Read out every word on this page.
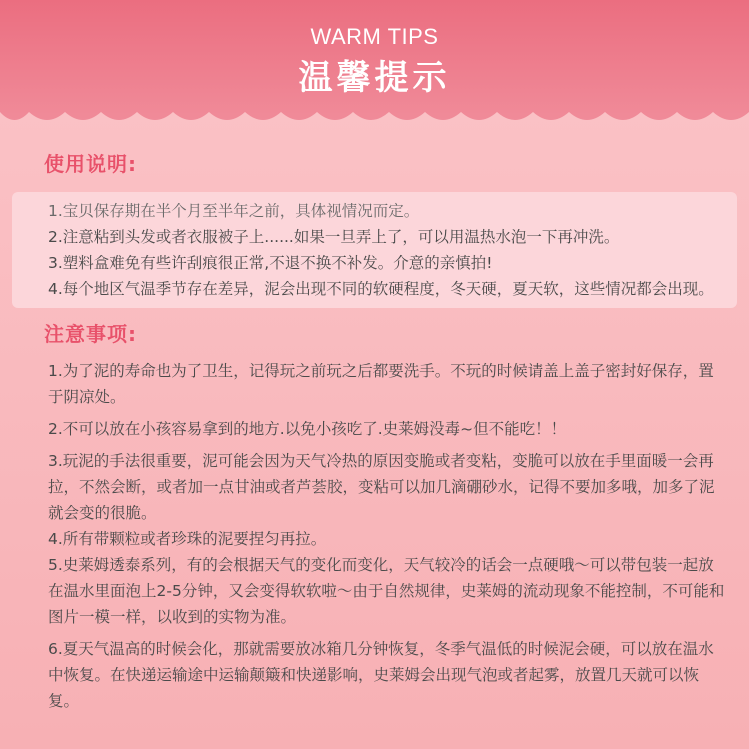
WARM TIPS
温馨提示
使用说明:
1.宝贝保存期在半个月至半年之前，具体视情况而定。
2.注意粘到头发或者衣服被子上......如果一旦弄上了，可以用温热水泡一下再冲洗。
3.塑料盒难免有些许刮痕很正常,不退不换不补发。介意的亲慎拍!
4.每个地区气温季节存在差异，泥会出现不同的软硬程度，冬天硬，夏天软，这些情况都会出现。
注意事项:
1.为了泥的寿命也为了卫生，记得玩之前玩之后都要洗手。不玩的时候请盖上盖子密封好保存，置于阴凉处。
2.不可以放在小孩容易拿到的地方.以免小孩吃了.史莱姆没毒~但不能吃！！
3.玩泥的手法很重要，泥可能会因为天气冷热的原因变脆或者变粘，变脆可以放在手里面暖一会再拉，不然会断，或者加一点甘油或者芦荟胶，变粘可以加几滴硼砂水，记得不要加多哦，加多了泥就会变的很脆。
4.所有带颗粒或者珍珠的泥要捏匀再拉。
5.史莱姆透泰系列，有的会根据天气的变化而变化，天气较冷的话会一点硬哦～可以带包装一起放在温水里面泡上2-5分钟，又会变得软软啦～由于自然规律，史莱姆的流动现象不能控制，不可能和图片一模一样，以收到的实物为准。
6.夏天气温高的时候会化，那就需要放冰箱几分钟恢复，冬季气温低的时候泥会硬，可以放在温水中恢复。在快递运输途中运输颠簸和快递影响，史莱姆会出现气泡或者起雾，放置几天就可以恢复。
